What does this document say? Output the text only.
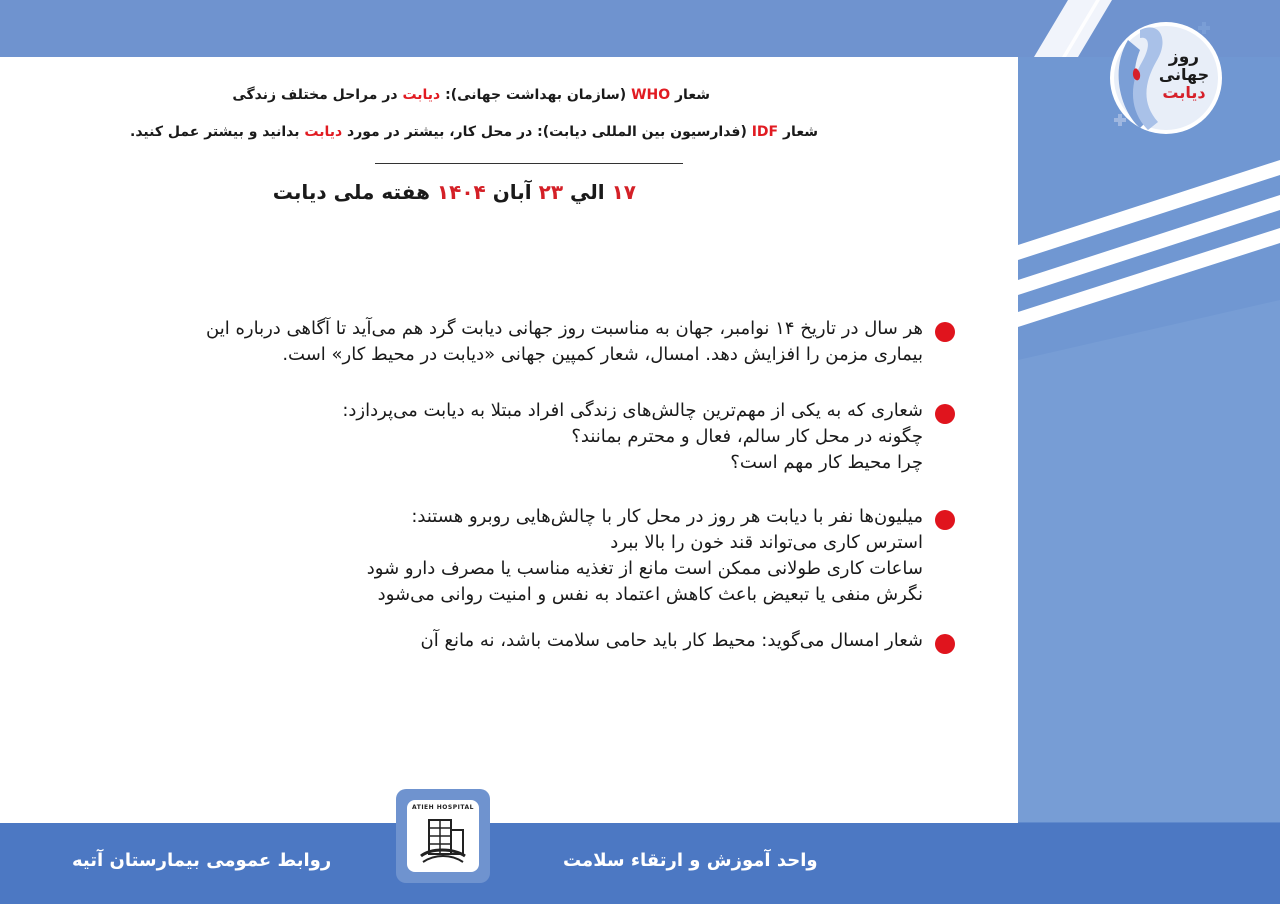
روز
جهانی
دیابت
شعار WHO (سازمان بهداشت جهانی): دیابت در مراحل مختلف زندگی
شعار IDF (فدارسیون بین المللی دیابت): در محل کار، بیشتر در مورد دیابت بدانید و بیشتر عمل کنید.
۱۷ الي ۲۳ آبان ۱۴۰۴ هفته ملی دیابت
هر سال در تاریخ ۱۴ نوامبر، جهان به مناسبت روز جهانی دیابت گرد هم می‌آید تا آگاهی درباره این
بیماری مزمن را افزایش دهد. امسال، شعار کمپین جهانی «دیابت در محیط کار» است.
شعاری که به یکی از مهم‌ترین چالش‌های زندگی افراد مبتلا به دیابت می‌پردازد:
چگونه در محل کار سالم، فعال و محترم بمانند؟
چرا محیط کار مهم است؟
میلیون‌ها نفر با دیابت هر روز در محل کار با چالش‌هایی روبرو هستند:
استرس کاری می‌تواند قند خون را بالا ببرد
ساعات کاری طولانی ممکن است مانع از تغذیه مناسب یا مصرف دارو شود
نگرش منفی یا تبعیض باعث کاهش اعتماد به نفس و امنیت روانی می‌شود
شعار امسال می‌گوید: محیط کار باید حامی سلامت باشد، نه مانع آن
ATIEH HOSPITAL
روابط عمومی بیمارستان آتیه	واحد آموزش و ارتقاء سلامت
